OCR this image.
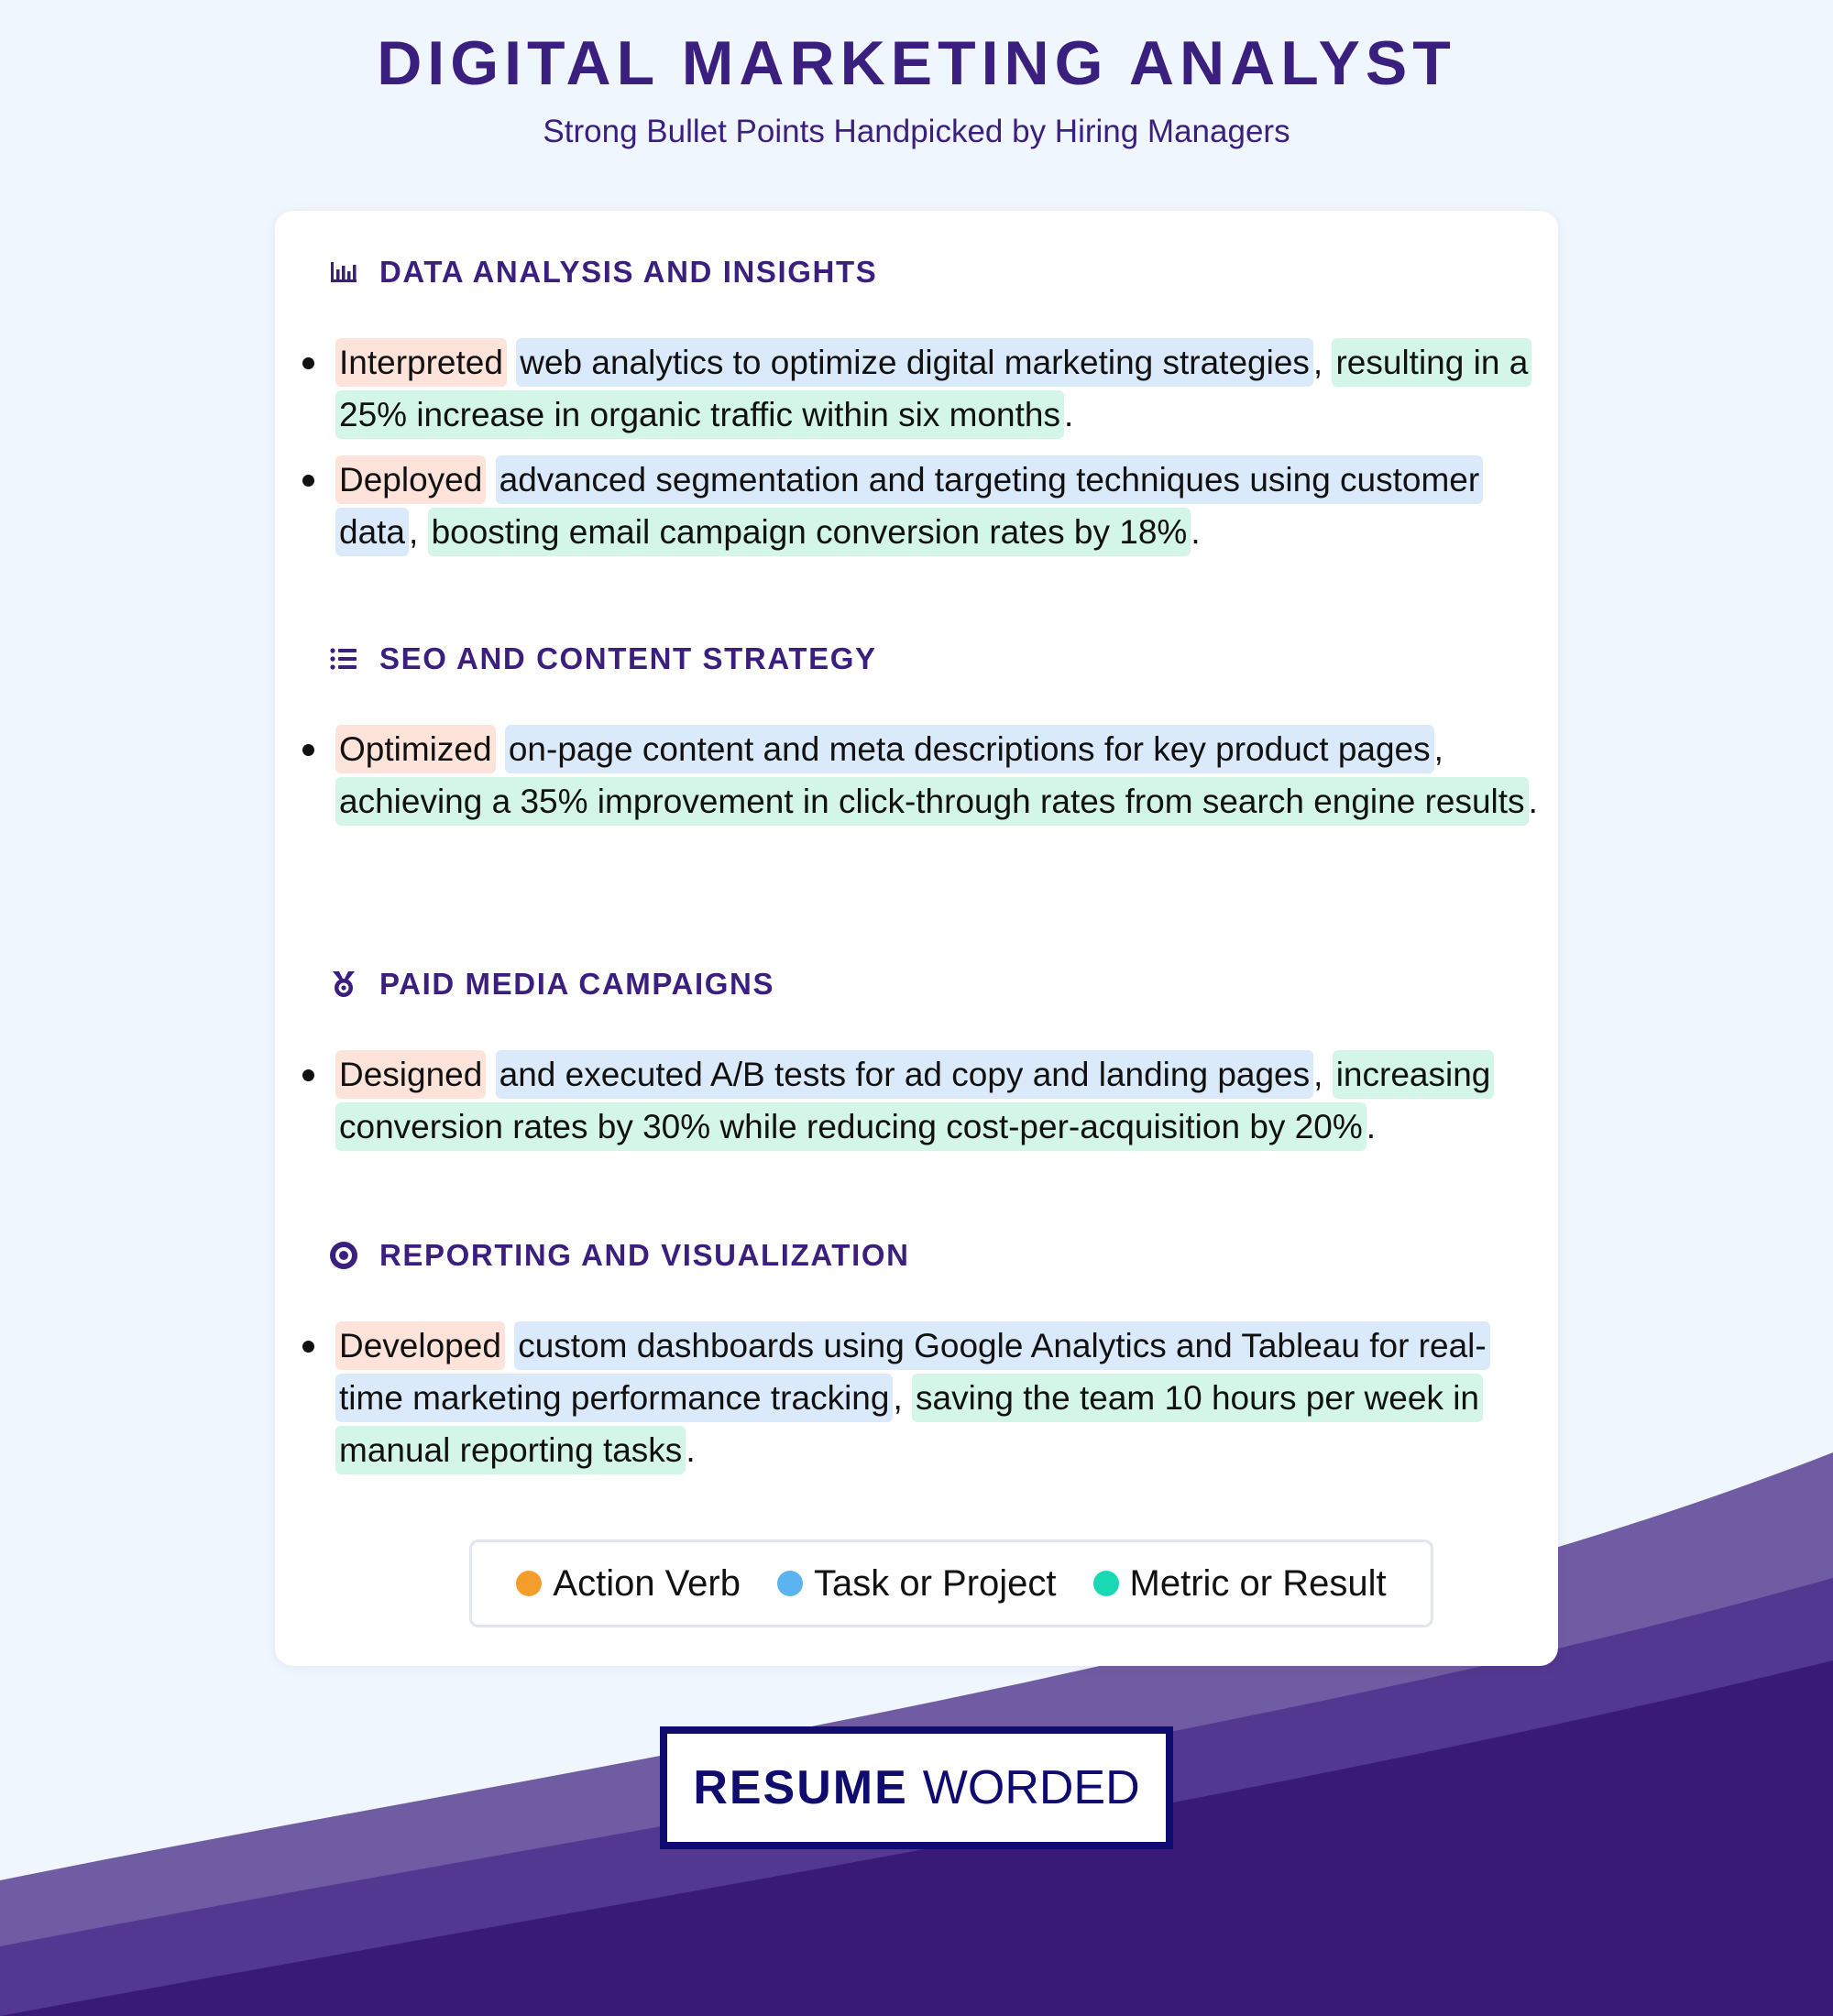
DIGITAL MARKETING ANALYST

Strong Bullet Points Handpicked by Hiring Managers

DATA ANALYSIS AND INSIGHTS
Interpreted web analytics to optimize digital marketing strategies , resulting in a 25% increase in organic traffic within six months .
Deployed advanced segmentation and targeting techniques using customer data , boosting email campaign conversion rates by 18% .
SEO AND CONTENT STRATEGY
Optimized on-page content and meta descriptions for key product pages , achieving a 35% improvement in click-through rates from search engine results .
PAID MEDIA CAMPAIGNS
Designed and executed A/B tests for ad copy and landing pages , increasing conversion rates by 30% while reducing cost-per-acquisition by 20% .
REPORTING AND VISUALIZATION
Developed custom dashboards using Google Analytics and Tableau for real-time marketing performance tracking , saving the team 10 hours per week in manual reporting tasks .
Action Verb Task or Project Metric or Result
RESUME WORDED
